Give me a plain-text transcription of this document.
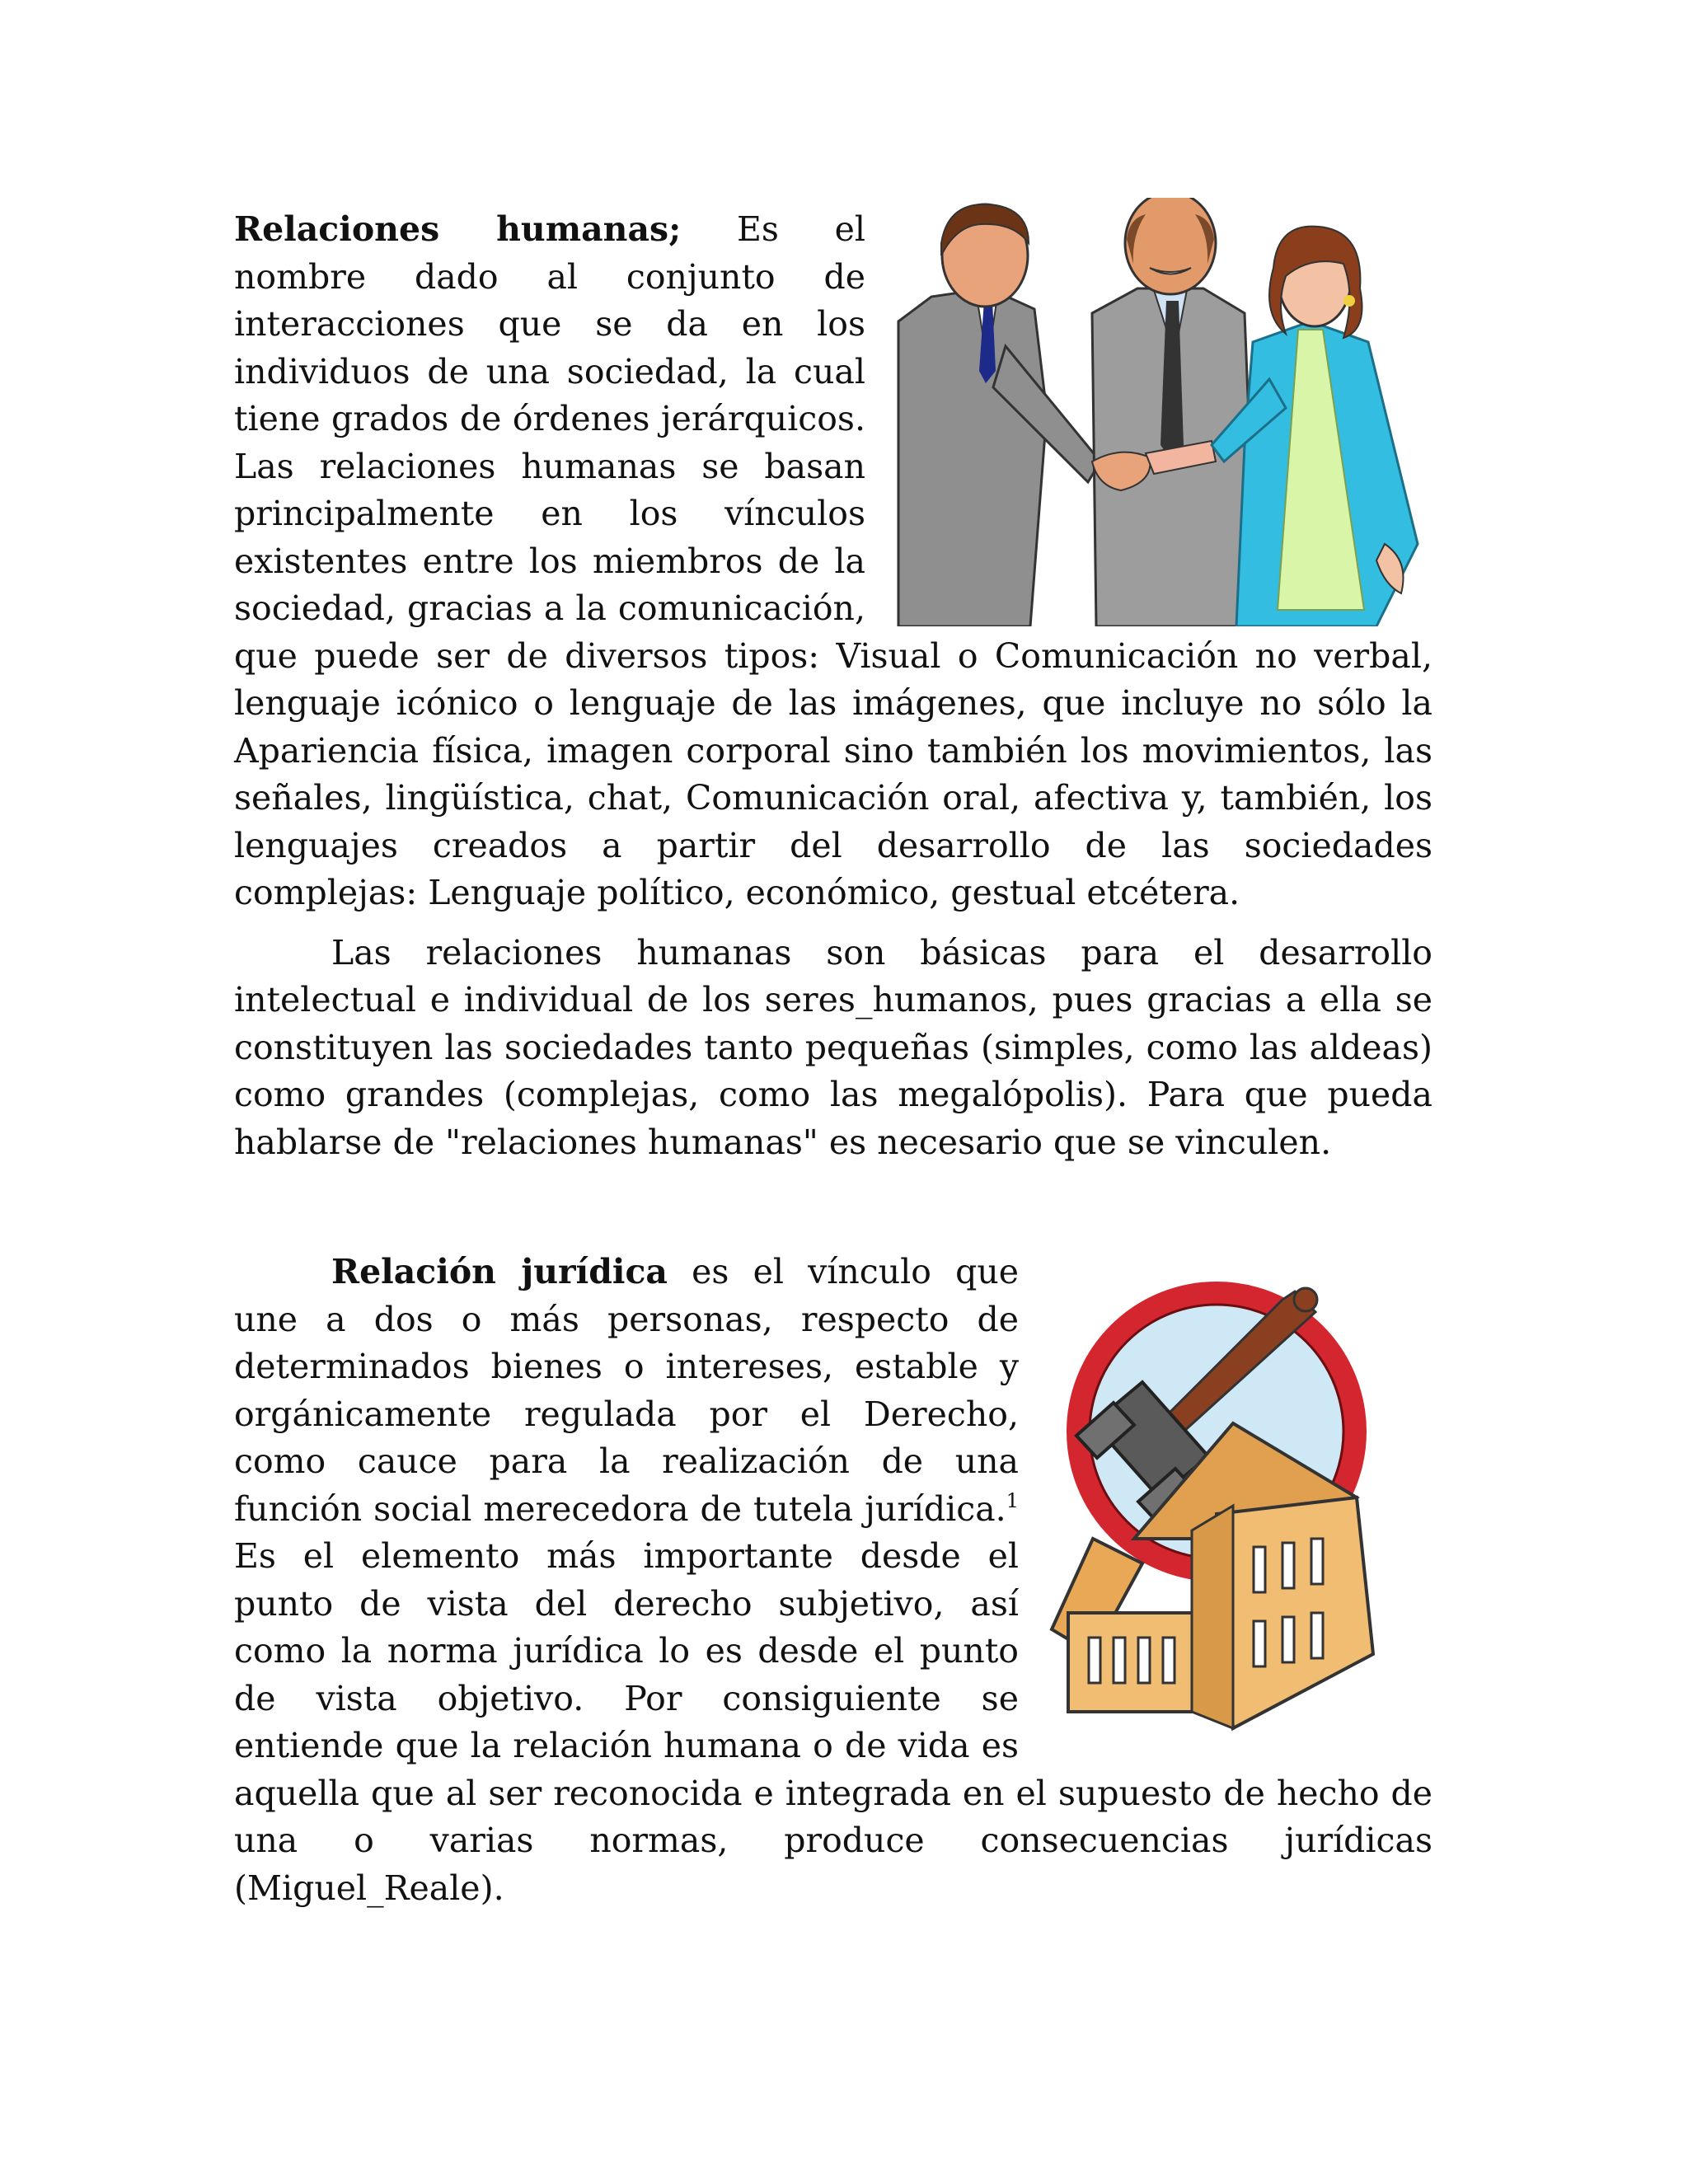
Relaciones humanas; Es el nombre dado al conjunto de interacciones que se da en los individuos de una sociedad, la cual tiene grados de órdenes jerárquicos. Las relaciones humanas se basan principalmente en los vínculos existentes entre los miembros de la sociedad, gracias a la comunicación, que puede ser de diversos tipos: Visual o Comunicación no verbal, lenguaje icónico o lenguaje de las imágenes, que incluye no sólo la Apariencia física, imagen corporal sino también los movimientos, las señales, lingüística, chat, Comunicación oral, afectiva y, también, los lenguajes creados a partir del desarrollo de las sociedades complejas: Lenguaje político, económico, gestual etcétera.

Las relaciones humanas son básicas para el desarrollo intelectual e individual de los seres_humanos, pues gracias a ella se constituyen las sociedades tanto pequeñas (simples, como las aldeas) como grandes (complejas, como las megalópolis). Para que pueda hablarse de "relaciones humanas" es necesario que se vinculen.

Relación jurídica es el vínculo que une a dos o más personas, respecto de determinados bienes o intereses, estable y orgánicamente regulada por el Derecho, como cauce para la realización de una función social merecedora de tutela jurídica.$^1$ Es el elemento más importante desde el punto de vista del derecho subjetivo, así como la norma jurídica lo es desde el punto de vista objetivo. Por consiguiente se entiende que la relación humana o de vida es aquella que al ser reconocida e integrada en el supuesto de hecho de una o varias normas, produce consecuencias jurídicas (Miguel_Reale).
